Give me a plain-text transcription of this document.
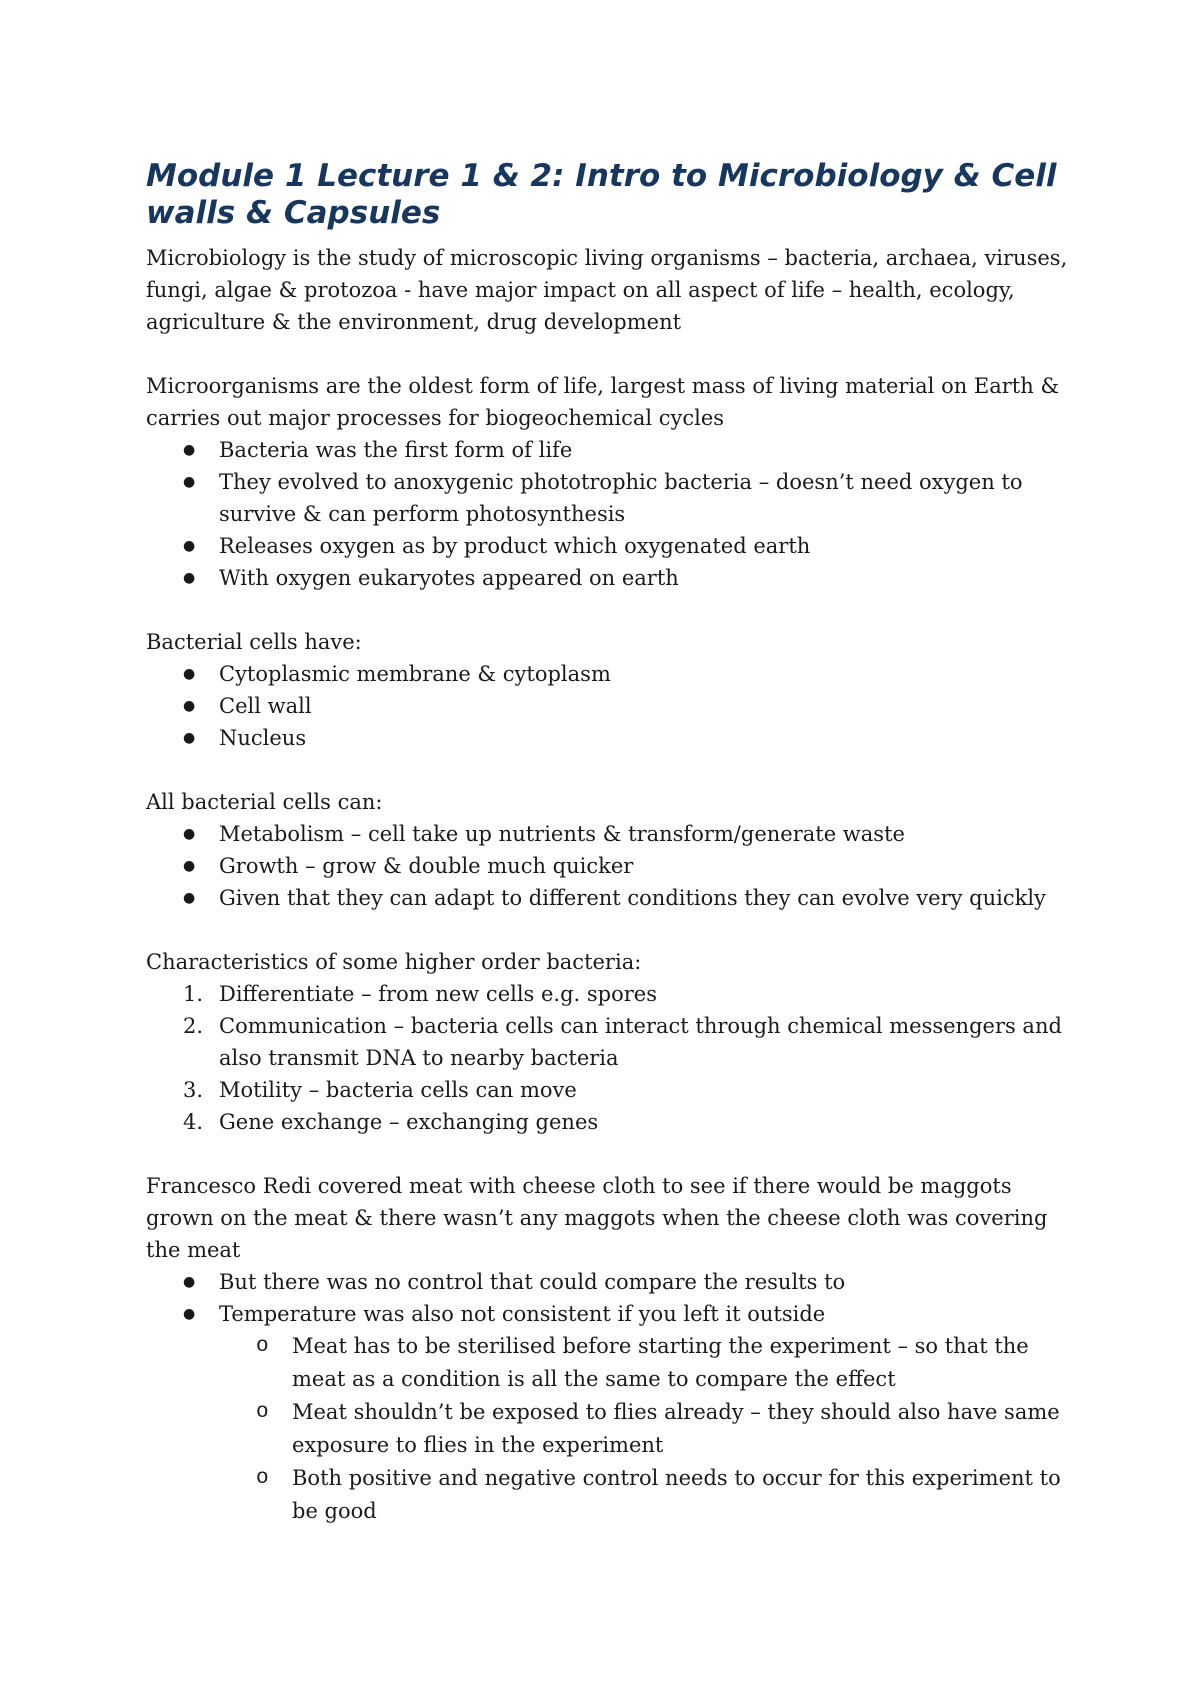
Module 1 Lecture 1 & 2: Intro to Microbiology & Cell walls & Capsules

Microbiology is the study of microscopic living organisms – bacteria, archaea, viruses, fungi, algae & protozoa - have major impact on all aspect of life – health, ecology, agriculture & the environment, drug development

Microorganisms are the oldest form of life, largest mass of living material on Earth & carries out major processes for biogeochemical cycles

● Bacteria was the first form of life
● They evolved to anoxygenic phototrophic bacteria – doesn’t need oxygen to survive & can perform photosynthesis
● Releases oxygen as by product which oxygenated earth
● With oxygen eukaryotes appeared on earth

Bacterial cells have:

● Cytoplasmic membrane & cytoplasm
● Cell wall
● Nucleus

All bacterial cells can:

● Metabolism – cell take up nutrients & transform/generate waste
● Growth – grow & double much quicker
● Given that they can adapt to different conditions they can evolve very quickly

Characteristics of some higher order bacteria:

1. Differentiate – from new cells e.g. spores
2. Communication – bacteria cells can interact through chemical messengers and also transmit DNA to nearby bacteria
3. Motility – bacteria cells can move
4. Gene exchange – exchanging genes

Francesco Redi covered meat with cheese cloth to see if there would be maggots grown on the meat & there wasn’t any maggots when the cheese cloth was covering the meat

● But there was no control that could compare the results to
● Temperature was also not consistent if you left it outside
o Meat has to be sterilised before starting the experiment – so that the meat as a condition is all the same to compare the effect
o Meat shouldn’t be exposed to flies already – they should also have same exposure to flies in the experiment
o Both positive and negative control needs to occur for this experiment to be good
